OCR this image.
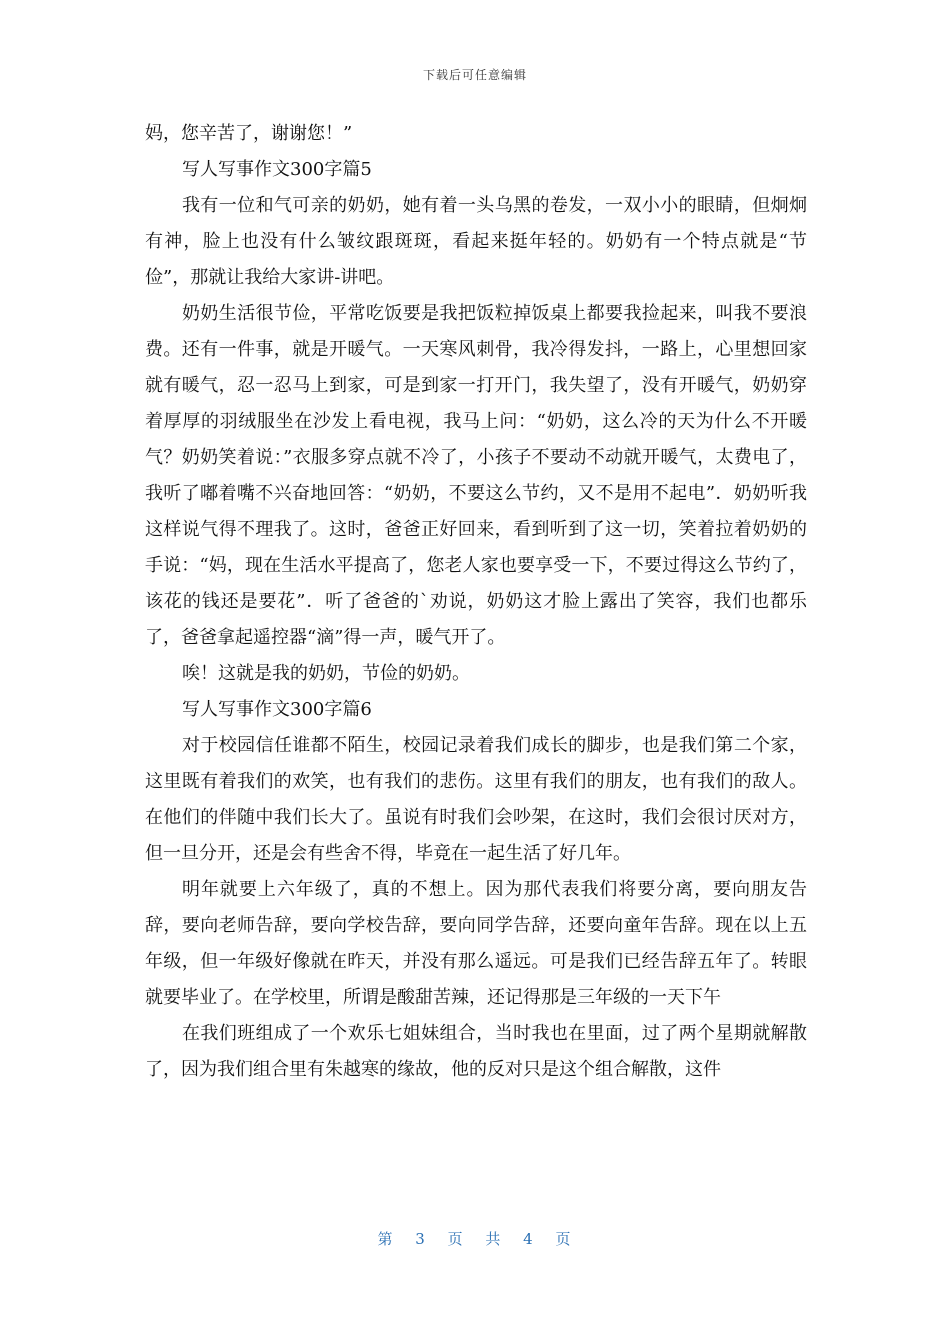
下载后可任意编辑

妈，您辛苦了，谢谢您！”

写人写事作文300字篇5

我有一位和气可亲的奶奶，她有着一头乌黑的卷发，一双小小的眼睛，但炯炯有神，脸上也没有什么皱纹跟斑斑，看起来挺年轻的。奶奶有一个特点就是“节俭”，那就让我给大家讲-讲吧。

奶奶生活很节俭，平常吃饭要是我把饭粒掉饭桌上都要我捡起来，叫我不要浪费。还有一件事，就是开暖气。一天寒风刺骨，我冷得发抖，一路上，心里想回家就有暖气，忍一忍马上到家，可是到家一打开门，我失望了，没有开暖气，奶奶穿着厚厚的羽绒服坐在沙发上看电视，我马上问：“奶奶，这么冷的天为什么不开暖气？奶奶笑着说：”衣服多穿点就不冷了，小孩子不要动不动就开暖气，太费电了，我听了嘟着嘴不兴奋地回答：“奶奶，不要这么节约，又不是用不起电”．奶奶听我这样说气得不理我了。这时，爸爸正好回来，看到听到了这一切，笑着拉着奶奶的手说：“妈，现在生活水平提高了，您老人家也要享受一下，不要过得这么节约了，该花的钱还是要花”．听了爸爸的`劝说，奶奶这才脸上露出了笑容，我们也都乐了，爸爸拿起遥控器“滴”得一声，暖气开了。

唉！这就是我的奶奶，节俭的奶奶。

写人写事作文300字篇6

对于校园信任谁都不陌生，校园记录着我们成长的脚步，也是我们第二个家，这里既有着我们的欢笑，也有我们的悲伤。这里有我们的朋友，也有我们的敌人。在他们的伴随中我们长大了。虽说有时我们会吵架，在这时，我们会很讨厌对方，但一旦分开，还是会有些舍不得，毕竟在一起生活了好几年。

明年就要上六年级了，真的不想上。因为那代表我们将要分离，要向朋友告辞，要向老师告辞，要向学校告辞，要向同学告辞，还要向童年告辞。现在以上五年级，但一年级好像就在昨天，并没有那么遥远。可是我们已经告辞五年了。转眼就要毕业了。在学校里，所谓是酸甜苦辣，还记得那是三年级的一天下午

在我们班组成了一个欢乐七姐妹组合，当时我也在里面，过了两个星期就解散了，因为我们组合里有朱越寒的缘故，他的反对只是这个组合解散，这件

第 3 页 共 4 页
